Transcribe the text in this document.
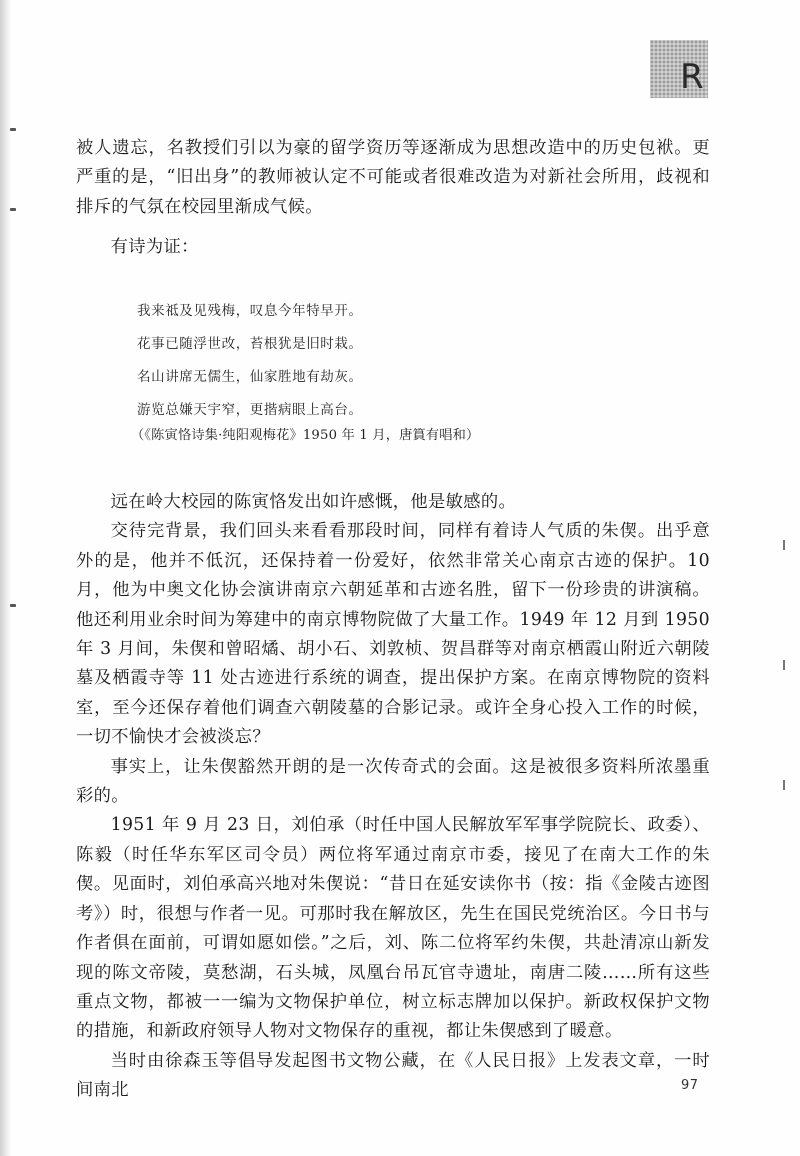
R

被人遗忘，名教授们引以为豪的留学资历等逐渐成为思想改造中的历史包袱。更严重的是，“旧出身”的教师被认定不可能或者很难改造为对新社会所用，歧视和排斥的气氛在校园里渐成气候。

有诗为证：

我来祗及见残梅，叹息今年特早开。

花事已随浮世改，苔根犹是旧时栽。

名山讲席无儒生，仙家胜地有劫灰。

游览总嫌天宇窄，更揩病眼上高台。

（《陈寅恪诗集·纯阳观梅花》1950 年 1 月，唐篔有唱和）

远在岭大校园的陈寅恪发出如许感慨，他是敏感的。

交待完背景，我们回头来看看那段时间，同样有着诗人气质的朱偰。出乎意外的是，他并不低沉，还保持着一份爱好，依然非常关心南京古迹的保护。10 月，他为中奥文化协会演讲南京六朝延革和古迹名胜，留下一份珍贵的讲演稿。他还利用业余时间为筹建中的南京博物院做了大量工作。1949 年 12 月到 1950 年 3 月间，朱偰和曾昭燏、胡小石、刘敦桢、贺昌群等对南京栖霞山附近六朝陵墓及栖霞寺等 11 处古迹进行系统的调查，提出保护方案。在南京博物院的资料室，至今还保存着他们调查六朝陵墓的合影记录。或许全身心投入工作的时候，一切不愉快才会被淡忘？

事实上，让朱偰豁然开朗的是一次传奇式的会面。这是被很多资料所浓墨重彩的。

1951 年 9 月 23 日，刘伯承（时任中国人民解放军军事学院院长、政委）、陈毅（时任华东军区司令员）两位将军通过南京市委，接见了在南大工作的朱偰。见面时，刘伯承高兴地对朱偰说：“昔日在延安读你书（按：指《金陵古迹图考》）时，很想与作者一见。可那时我在解放区，先生在国民党统治区。今日书与作者俱在面前，可谓如愿如偿。”之后，刘、陈二位将军约朱偰，共赴清凉山新发现的陈文帝陵，莫愁湖，石头城，凤凰台吊瓦官寺遗址，南唐二陵……所有这些重点文物，都被一一编为文物保护单位，树立标志牌加以保护。新政权保护文物的措施，和新政府领导人物对文物保存的重视，都让朱偰感到了暖意。

当时由徐森玉等倡导发起图书文物公藏，在《人民日报》上发表文章，一时间南北	97
